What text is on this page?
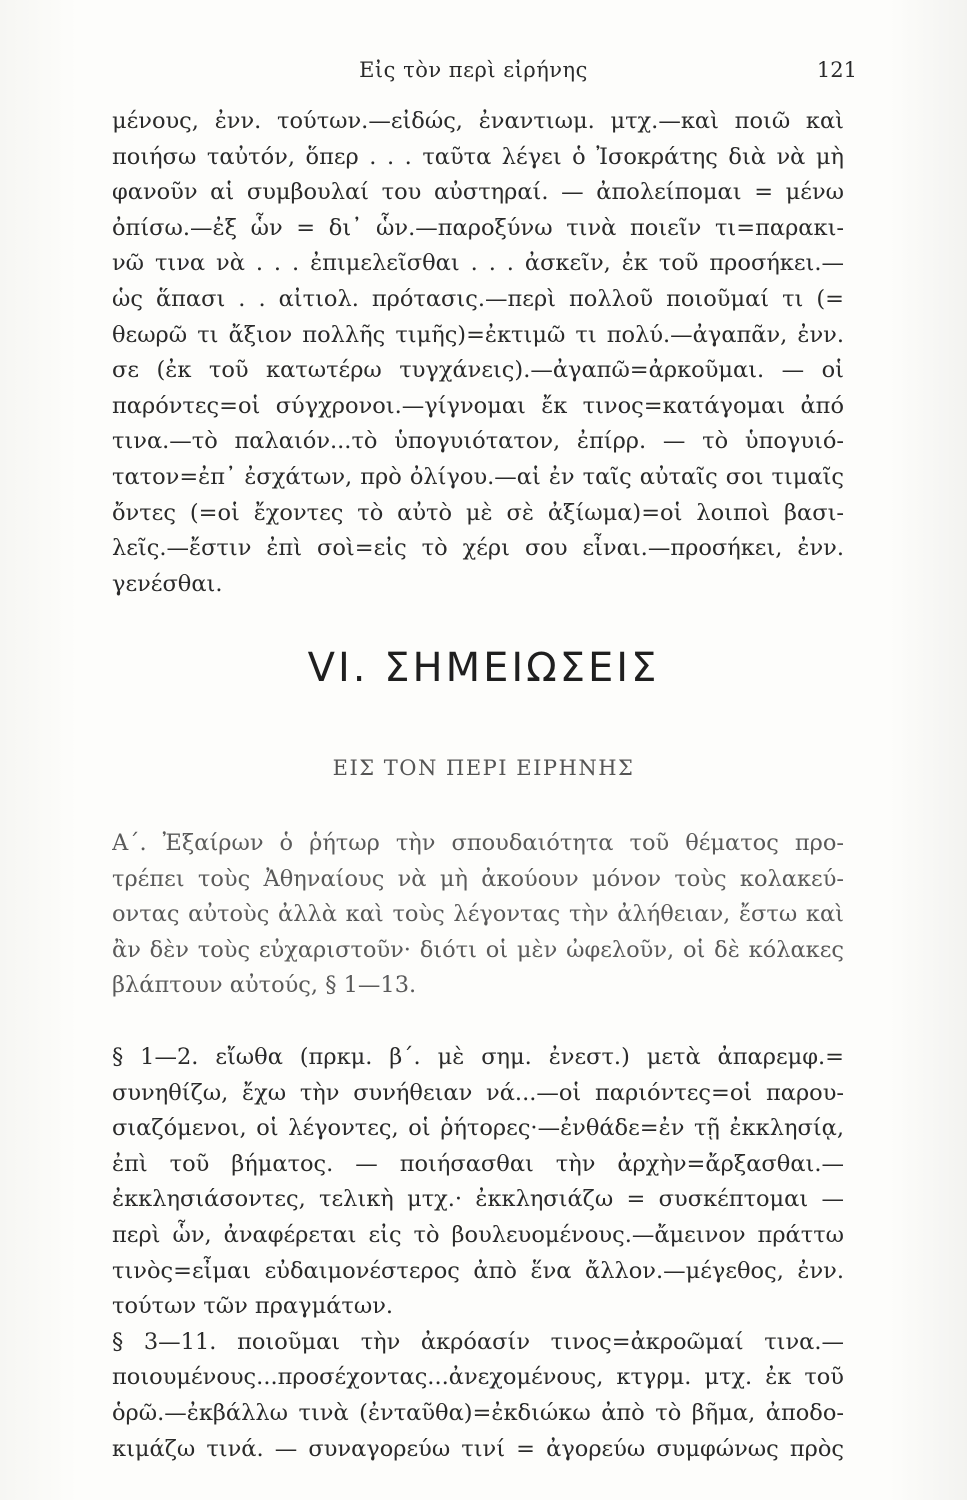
Εἰς τὸν περὶ εἰρήνης	121
μένους, ἐνν. τούτων.—εἰδώς, ἐναντιωμ. μτχ.—καὶ ποιῶ καὶ
ποιήσω ταὐτόν, ὅπερ . . . ταῦτα λέγει ὁ Ἰσοκράτης διὰ νὰ μὴ
φανοῦν αἱ συμβουλαί του αὐστηραί. — ἀπολείπομαι = μένω
ὀπίσω.—ἐξ ὧν = δι᾽ ὧν.—παροξύνω τινὰ ποιεῖν τι=παρακι-
νῶ τινα νὰ . . . ἐπιμελεῖσθαι . . . ἀσκεῖν, ἐκ τοῦ προσήκει.—
ὡς ἅπασι . . αἰτιολ. πρότασις.—περὶ πολλοῦ ποιοῦμαί τι (=
θεωρῶ τι ἄξιον πολλῆς τιμῆς)=ἐκτιμῶ τι πολύ.—ἀγαπᾶν, ἐνν.
σε (ἐκ τοῦ κατωτέρω τυγχάνεις).—ἀγαπῶ=ἀρκοῦμαι. — οἱ
παρόντες=οἱ σύγχρονοι.—γίγνομαι ἔκ τινος=κατάγομαι ἀπό
τινα.—τὸ παλαιόν...τὸ ὑπογυιότατον, ἐπίρρ. — τὸ ὑπογυιό-
τατον=ἐπ᾽ ἐσχάτων, πρὸ ὀλίγου.—αἱ ἐν ταῖς αὐταῖς σοι τιμαῖς
ὄντες (=οἱ ἔχοντες τὸ αὐτὸ μὲ σὲ ἀξίωμα)=οἱ λοιποὶ βασι-
λεῖς.—ἔστιν ἐπὶ σοὶ=εἰς τὸ χέρι σου εἶναι.—προσήκει, ἐνν.
γενέσθαι.
VI. ΣΗΜΕΙΩΣΕΙΣ
ΕΙΣ ΤΟΝ ΠΕΡΙ ΕΙΡΗΝΗΣ
Α΄. Ἐξαίρων ὁ ῥήτωρ τὴν σπουδαιότητα τοῦ θέματος προ-
τρέπει τοὺς Ἀθηναίους νὰ μὴ ἀκούουν μόνον τοὺς κολακεύ-
οντας αὐτοὺς ἀλλὰ καὶ τοὺς λέγοντας τὴν ἀλήθειαν, ἔστω καὶ
ἂν δὲν τοὺς εὐχαριστοῦν· διότι οἱ μὲν ὠφελοῦν, οἱ δὲ κόλακες
βλάπτουν αὐτούς, § 1—13.
§ 1—2. εἴωθα (πρκμ. β΄. μὲ σημ. ἐνεστ.) μετὰ ἀπαρεμφ.=
συνηθίζω, ἔχω τὴν συνήθειαν νά...—οἱ παριόντες=οἱ παρου-
σιαζόμενοι, οἱ λέγοντες, οἱ ῥήτορες·—ἐνθάδε=ἐν τῇ ἐκκλησίᾳ,
ἐπὶ τοῦ βήματος. — ποιήσασθαι τὴν ἀρχὴν=ἄρξασθαι.—
ἐκκλησιάσοντες, τελικὴ μτχ.· ἐκκλησιάζω = συσκέπτομαι —
περὶ ὧν, ἀναφέρεται εἰς τὸ βουλευομένους.—ἄμεινον πράττω
τινὸς=εἶμαι εὐδαιμονέστερος ἀπὸ ἕνα ἄλλον.—μέγεθος, ἐνν.
τούτων τῶν πραγμάτων.
§ 3—11. ποιοῦμαι τὴν ἀκρόασίν τινος=ἀκροῶμαί τινα.—
ποιουμένους...προσέχοντας...ἀνεχομένους, κτγρμ. μτχ. ἐκ τοῦ
ὁρῶ.—ἐκβάλλω τινὰ (ἐνταῦθα)=ἐκδιώκω ἀπὸ τὸ βῆμα, ἀποδο-
κιμάζω τινά. — συναγορεύω τινί = ἀγορεύω συμφώνως πρὸς
